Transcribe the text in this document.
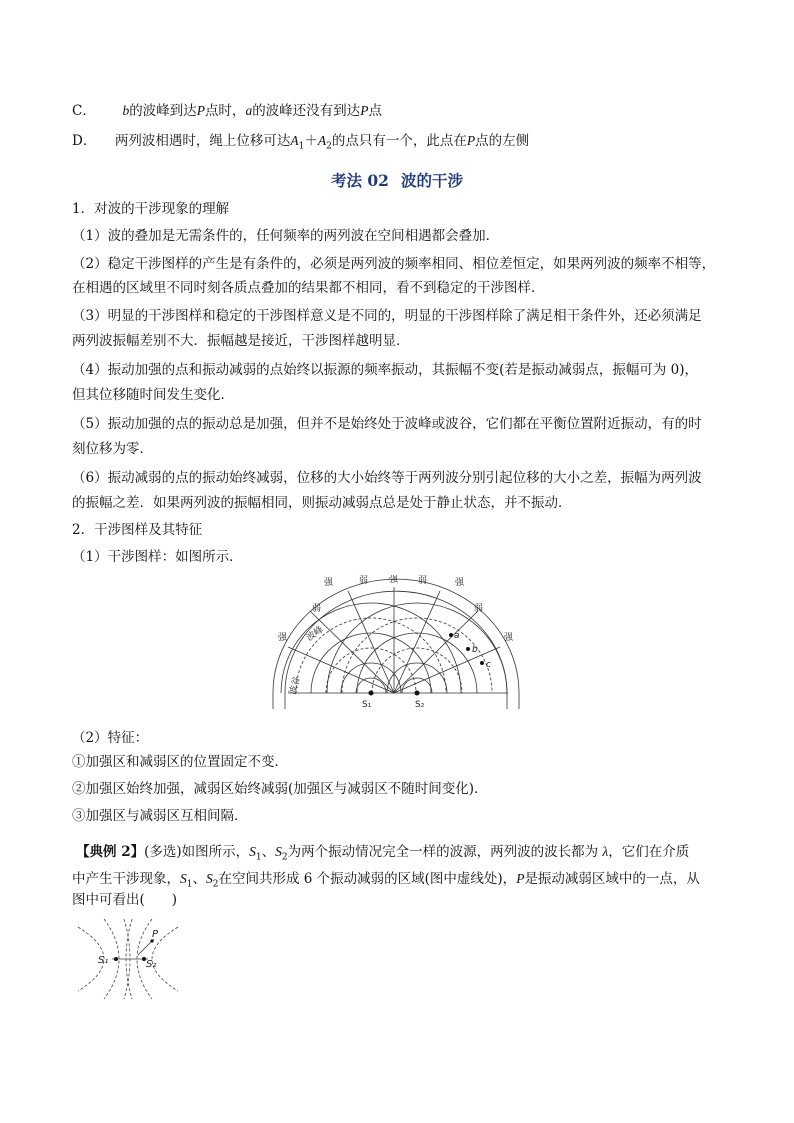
C． b的波峰到达P点时，a的波峰还没有到达P点
D． 两列波相遇时，绳上位移可达$A_1+A_2$的点只有一个，此点在P点的左侧
考法 02 波的干涉
1．对波的干涉现象的理解
（1）波的叠加是无需条件的，任何频率的两列波在空间相遇都会叠加．
（2）稳定干涉图样的产生是有条件的，必须是两列波的频率相同、相位差恒定，如果两列波的频率不相等，
在相遇的区域里不同时刻各质点叠加的结果都不相同，看不到稳定的干涉图样．
（3）明显的干涉图样和稳定的干涉图样意义是不同的，明显的干涉图样除了满足相干条件外，还必须满足
两列波振幅差别不大．振幅越是接近，干涉图样越明显．
（4）振动加强的点和振动减弱的点始终以振源的频率振动，其振幅不变(若是振动减弱点，振幅可为 0)，
但其位移随时间发生变化．
（5）振动加强的点的振动总是加强，但并不是始终处于波峰或波谷，它们都在平衡位置附近振动，有的时
刻位移为零．
（6）振动减弱的点的振动始终减弱，位移的大小始终等于两列波分别引起位移的大小之差，振幅为两列波
的振幅之差．如果两列波的振幅相同，则振动减弱点总是处于静止状态，并不振动．
2．干涉图样及其特征
（1）干涉图样：如图所示．
强	弱 强 弱	强
弱	弱
强	强
波峰
波谷
a
b
c
S₁	S₂
（2）特征：
①加强区和减弱区的位置固定不变．
②加强区始终加强，减弱区始终减弱(加强区与减弱区不随时间变化)．
③加强区与减弱区互相间隔．
【典例 2】(多选)如图所示，$S_1$、$S_2$为两个振动情况完全一样的波源，两列波的波长都为 λ，它们在介质
中产生干涉现象，$S_1$、$S_2$在空间共形成 6 个振动减弱的区域(图中虚线处)，P是振动减弱区域中的一点，从
图中可看出(　　)
P
S₁	S₂
